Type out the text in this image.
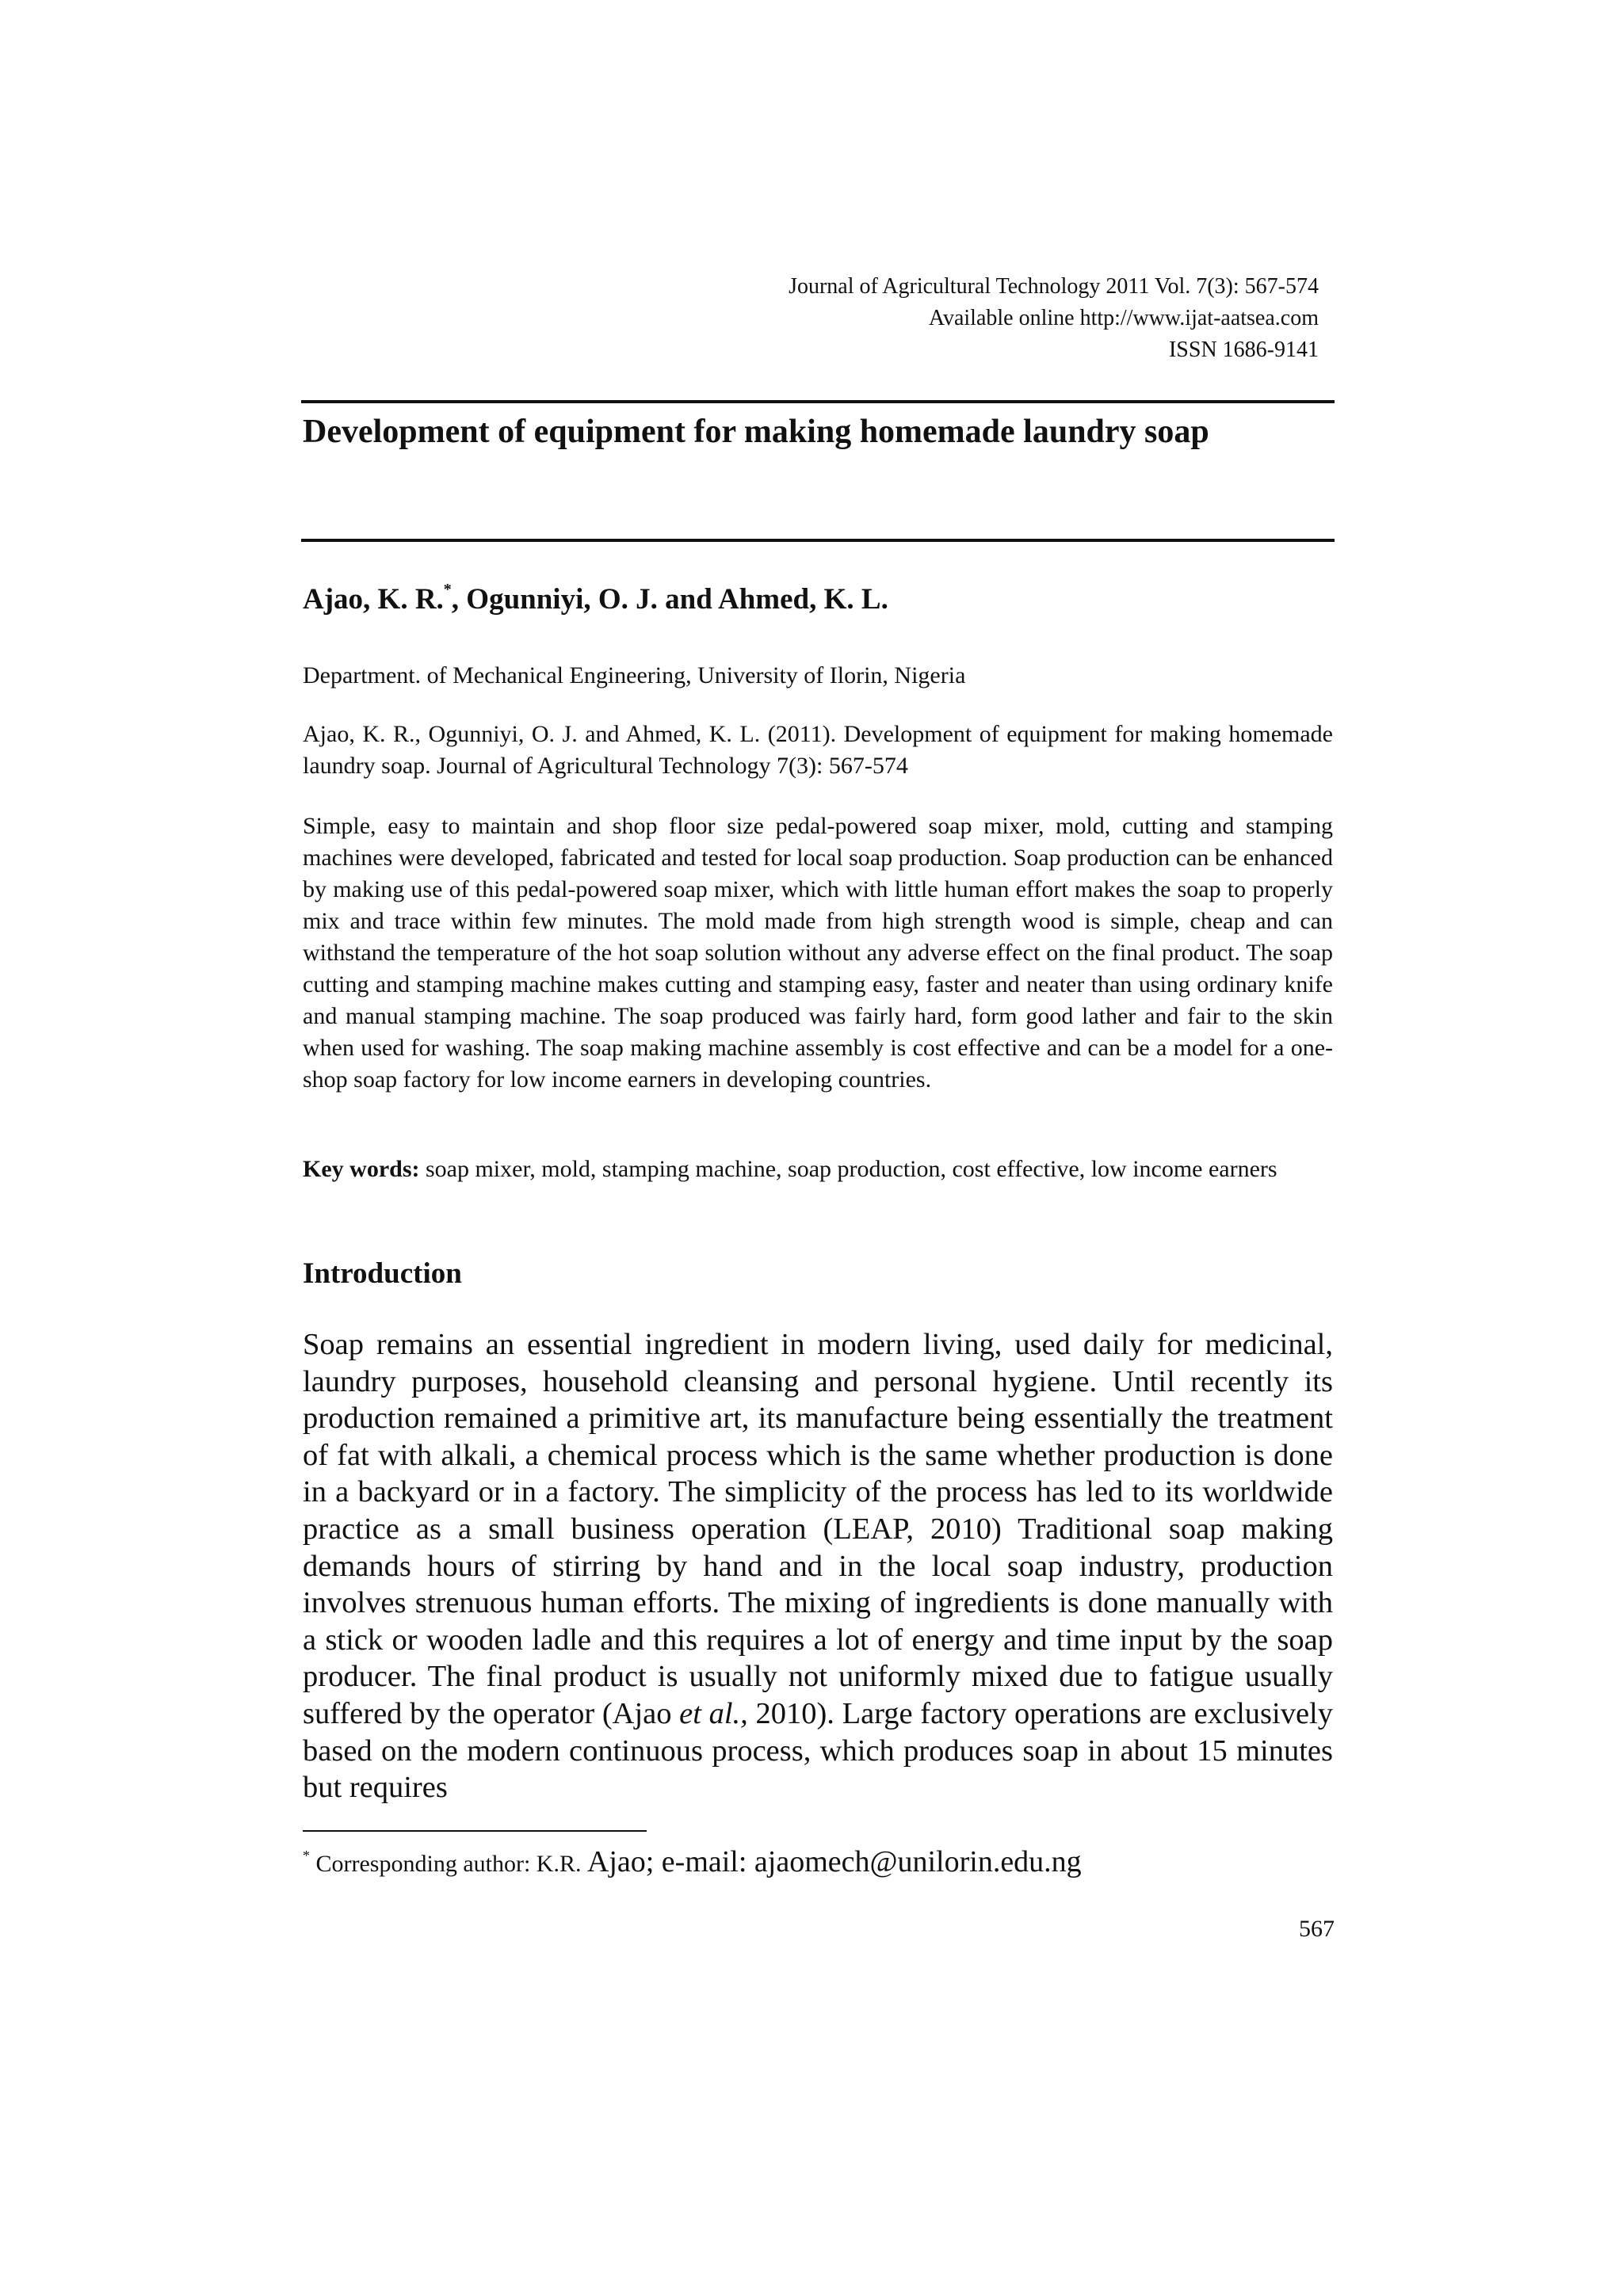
Journal of Agricultural Technology 2011 Vol. 7(3): 567-574
Available online http://www.ijat-aatsea.com
ISSN 1686-9141
Development of equipment for making homemade laundry soap
Ajao, K. R.*, Ogunniyi, O. J. and Ahmed, K. L.
Department. of Mechanical Engineering, University of Ilorin, Nigeria
Ajao, K. R., Ogunniyi, O. J. and Ahmed, K. L. (2011). Development of equipment for making homemade laundry soap. Journal of Agricultural Technology 7(3): 567-574
Simple, easy to maintain and shop floor size pedal-powered soap mixer, mold, cutting and stamping machines were developed, fabricated and tested for local soap production. Soap production can be enhanced by making use of this pedal-powered soap mixer, which with little human effort makes the soap to properly mix and trace within few minutes. The mold made from high strength wood is simple, cheap and can withstand the temperature of the hot soap solution without any adverse effect on the final product. The soap cutting and stamping machine makes cutting and stamping easy, faster and neater than using ordinary knife and manual stamping machine. The soap produced was fairly hard, form good lather and fair to the skin when used for washing. The soap making machine assembly is cost effective and can be a model for a one-shop soap factory for low income earners in developing countries.
Key words: soap mixer, mold, stamping machine, soap production, cost effective, low income earners
Introduction
Soap remains an essential ingredient in modern living, used daily for medicinal, laundry purposes, household cleansing and personal hygiene. Until recently its production remained a primitive art, its manufacture being essentially the treatment of fat with alkali, a chemical process which is the same whether production is done in a backyard or in a factory. The simplicity of the process has led to its worldwide practice as a small business operation (LEAP, 2010) Traditional soap making demands hours of stirring by hand and in the local soap industry, production involves strenuous human efforts. The mixing of ingredients is done manually with a stick or wooden ladle and this requires a lot of energy and time input by the soap producer. The final product is usually not uniformly mixed due to fatigue usually suffered by the operator (Ajao et al., 2010). Large factory operations are exclusively based on the modern continuous process, which produces soap in about 15 minutes but requires
* Corresponding author: K.R. Ajao; e-mail: ajaomech@unilorin.edu.ng
567
